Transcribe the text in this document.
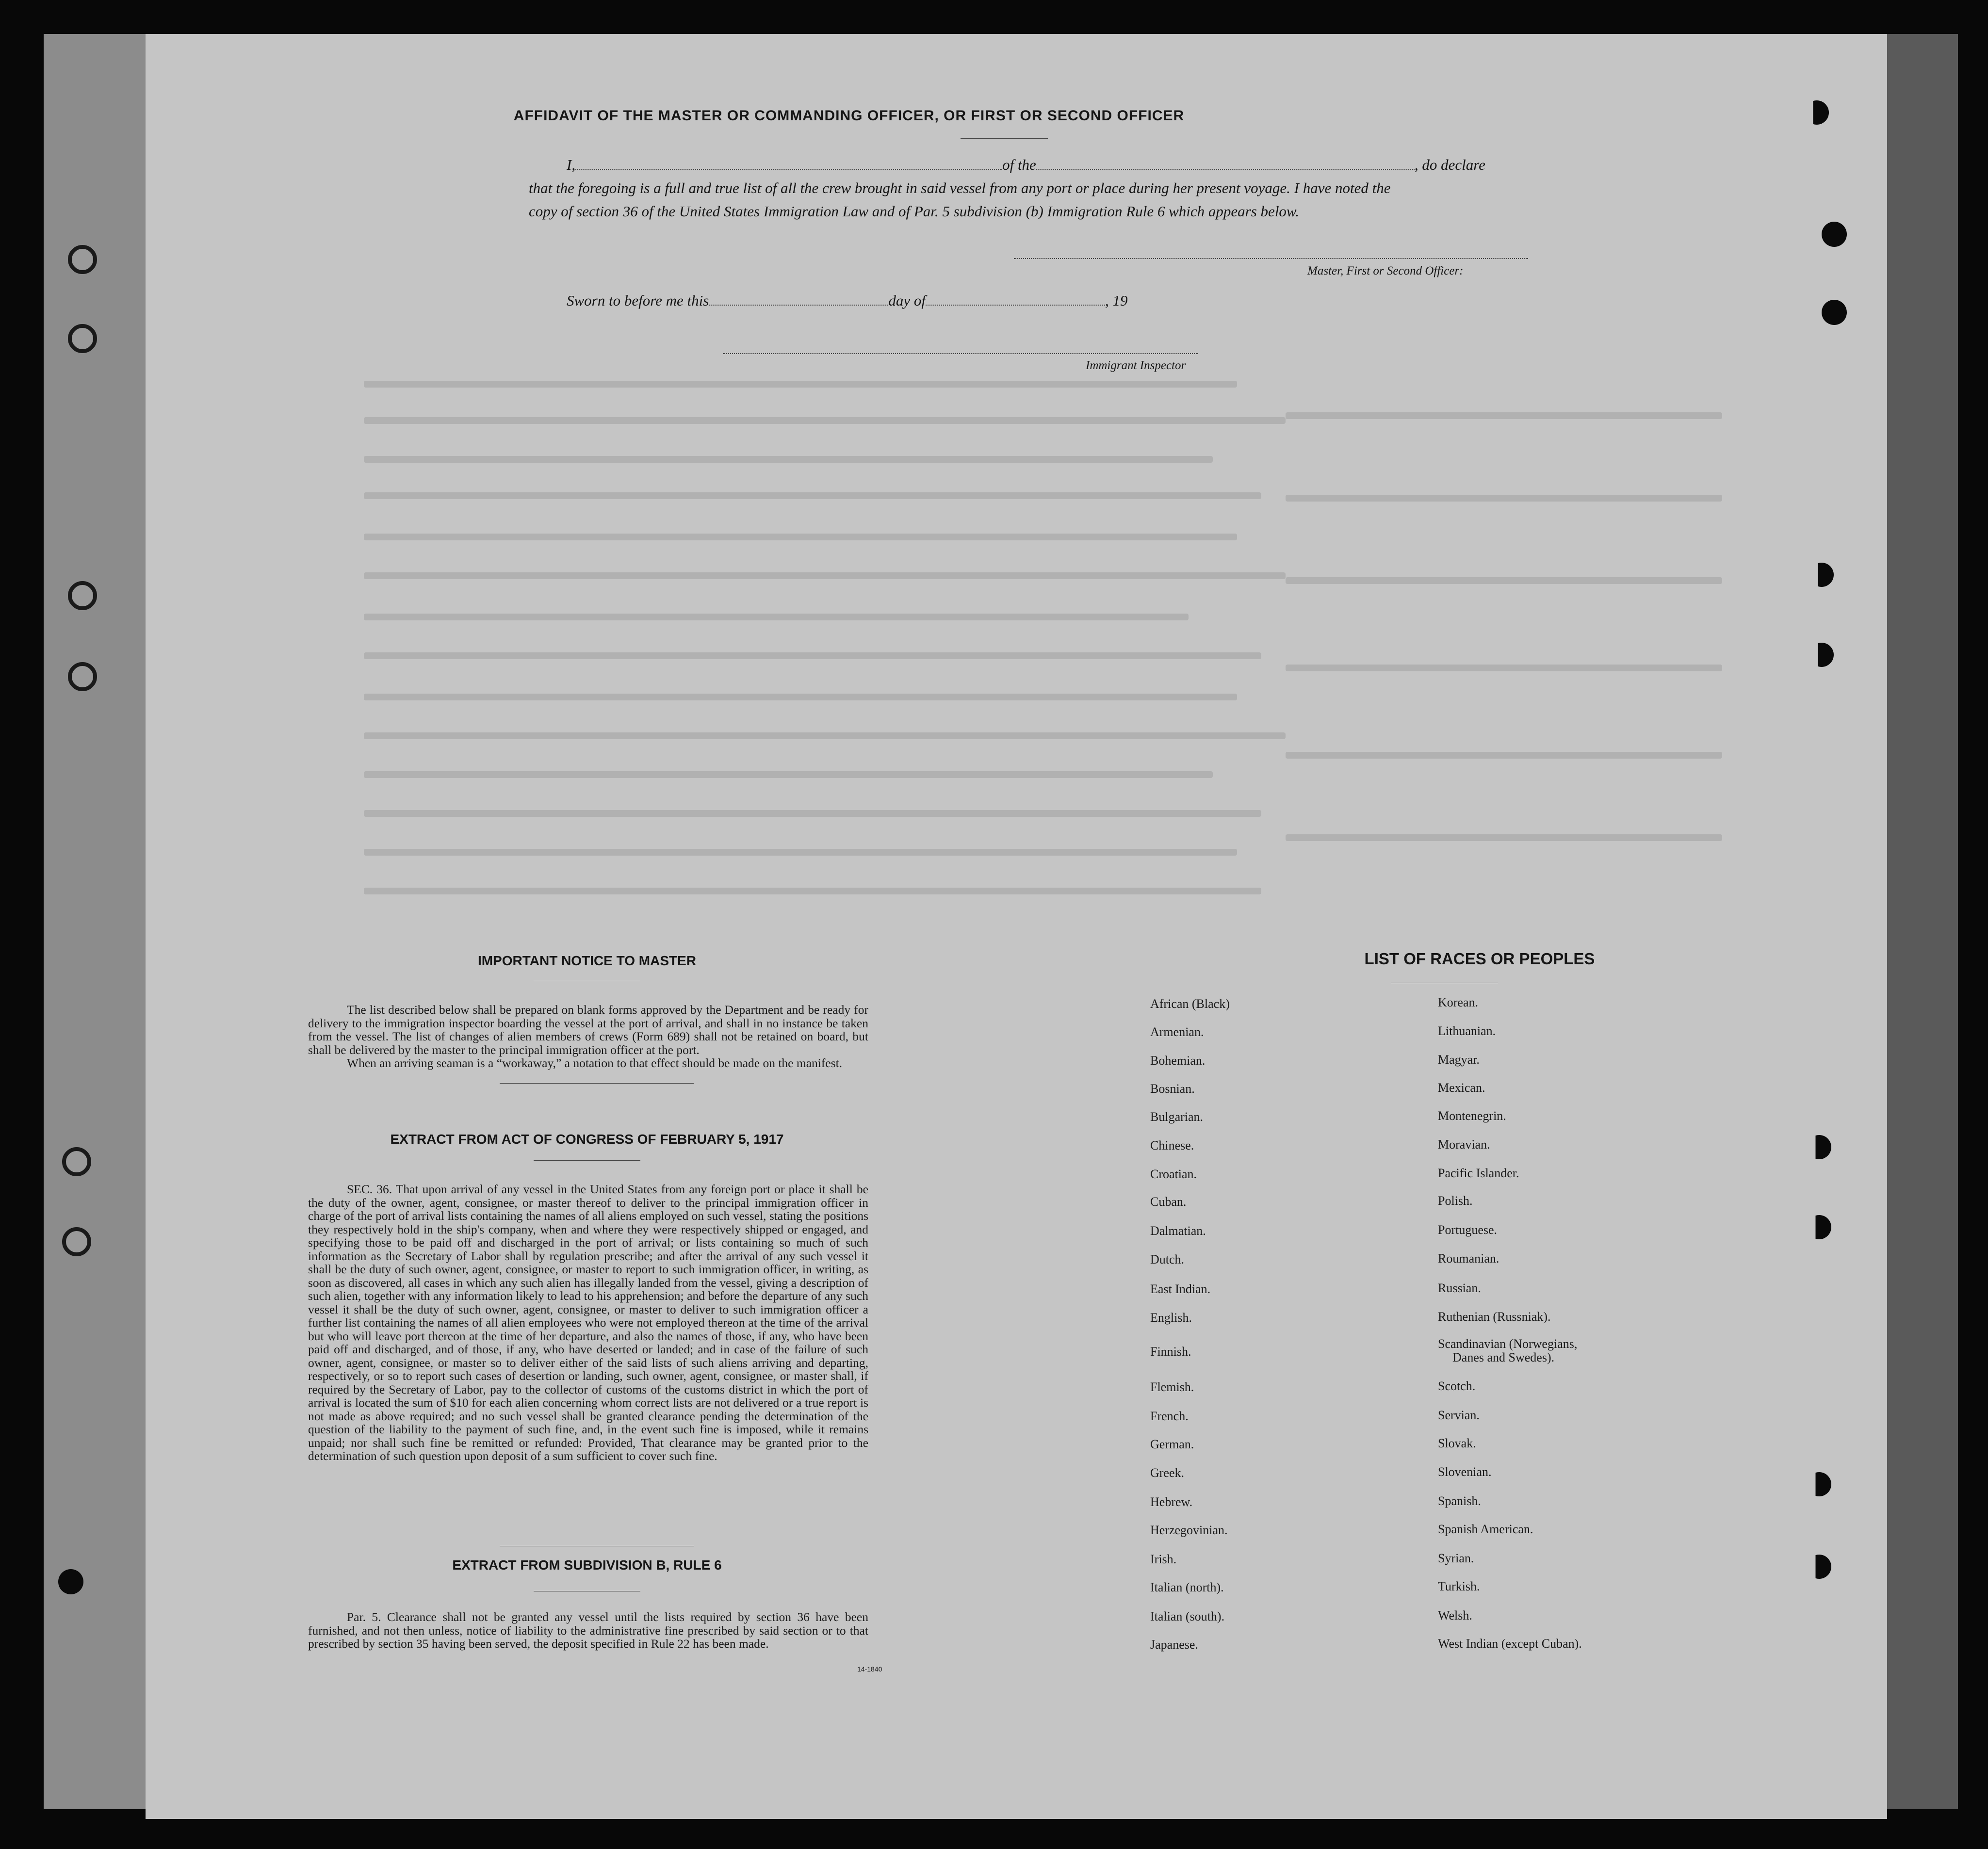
AFFIDAVIT OF THE MASTER OR COMMANDING OFFICER, OR FIRST OR SECOND OFFICER
I,	of the	, do declare
that the foregoing is a full and true list of all the crew brought in said vessel from any port or place during her present voyage. I have noted the
copy of section 36 of the United States Immigration Law and of Par. 5 subdivision (b) Immigration Rule 6 which appears below.
Master, First or Second Officer:
Sworn to before me this	day of	, 19
Immigrant Inspector
IMPORTANT NOTICE TO MASTER

The list described below shall be prepared on blank forms approved by the Department and be ready for delivery to the immigration inspector boarding the vessel at the port of arrival, and shall in no instance be taken from the vessel. The list of changes of alien members of crews (Form 689) shall not be retained on board, but shall be delivered by the master to the principal immigration officer at the port.

When an arriving seaman is a “workaway,” a notation to that effect should be made on the manifest.

EXTRACT FROM ACT OF CONGRESS OF FEBRUARY 5, 1917

SEC. 36. That upon arrival of any vessel in the United States from any foreign port or place it shall be the duty of the owner, agent, consignee, or master thereof to deliver to the principal immigration officer in charge of the port of arrival lists containing the names of all aliens employed on such vessel, stating the positions they respectively hold in the ship's company, when and where they were respectively shipped or engaged, and specifying those to be paid off and discharged in the port of arrival; or lists containing so much of such information as the Secretary of Labor shall by regulation prescribe; and after the arrival of any such vessel it shall be the duty of such owner, agent, consignee, or master to report to such immigration officer, in writing, as soon as discovered, all cases in which any such alien has illegally landed from the vessel, giving a description of such alien, together with any information likely to lead to his apprehension; and before the departure of any such vessel it shall be the duty of such owner, agent, consignee, or master to deliver to such immigration officer a further list containing the names of all alien employees who were not employed thereon at the time of the arrival but who will leave port thereon at the time of her departure, and also the names of those, if any, who have been paid off and discharged, and of those, if any, who have deserted or landed; and in case of the failure of such owner, agent, consignee, or master so to deliver either of the said lists of such aliens arriving and departing, respectively, or so to report such cases of desertion or landing, such owner, agent, consignee, or master shall, if required by the Secretary of Labor, pay to the collector of customs of the customs district in which the port of arrival is located the sum of $10 for each alien concerning whom correct lists are not delivered or a true report is not made as above required; and no such vessel shall be granted clearance pending the determination of the question of the liability to the payment of such fine, and, in the event such fine is imposed, while it remains unpaid; nor shall such fine be remitted or refunded: Provided, That clearance may be granted prior to the determination of such question upon deposit of a sum sufficient to cover such fine.

EXTRACT FROM SUBDIVISION B, RULE 6

Par. 5. Clearance shall not be granted any vessel until the lists required by section 36 have been furnished, and not then unless, notice of liability to the administrative fine prescribed by said section or to that prescribed by section 35 having been served, the deposit specified in Rule 22 has been made.

14-1840
LIST OF RACES OR PEOPLES
African (Black)
Armenian.
Bohemian.
Bosnian.
Bulgarian.
Chinese.
Croatian.
Cuban.
Dalmatian.
Dutch.
East Indian.
English.
Finnish.
Flemish.
French.
German.
Greek.
Hebrew.
Herzegovinian.
Irish.
Italian (north).
Italian (south).
Japanese.
Korean.
Lithuanian.
Magyar.
Mexican.
Montenegrin.
Moravian.
Pacific Islander.
Polish.
Portuguese.
Roumanian.
Russian.
Ruthenian (Russniak).
Scandinavian (Norwegians,
Danes and Swedes).
Scotch.
Servian.
Slovak.
Slovenian.
Spanish.
Spanish American.
Syrian.
Turkish.
Welsh.
West Indian (except Cuban).
